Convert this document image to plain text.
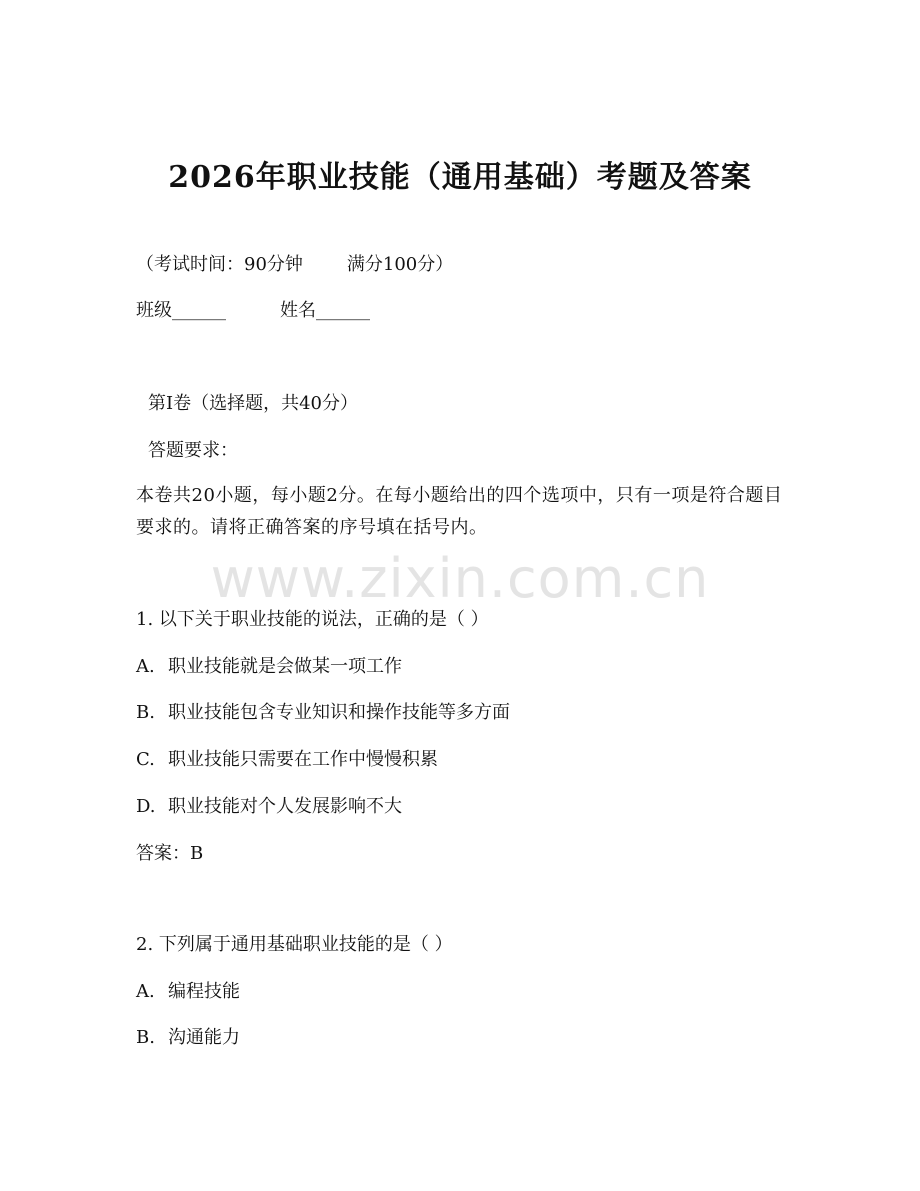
2026年职业技能（通用基础）考题及答案
（考试时间：90分钟 满分100分）
班级______	姓名______
第I卷（选择题，共40分）
答题要求：
本卷共20小题，每小题2分。在每小题给出的四个选项中，只有一项是符合题目要求的。请将正确答案的序号填在括号内。
www.zixin.com.cn
1. 以下关于职业技能的说法，正确的是（ ）
A. 职业技能就是会做某一项工作
B. 职业技能包含专业知识和操作技能等多方面
C. 职业技能只需要在工作中慢慢积累
D. 职业技能对个人发展影响不大
答案：B
2. 下列属于通用基础职业技能的是（ ）
A. 编程技能
B. 沟通能力
